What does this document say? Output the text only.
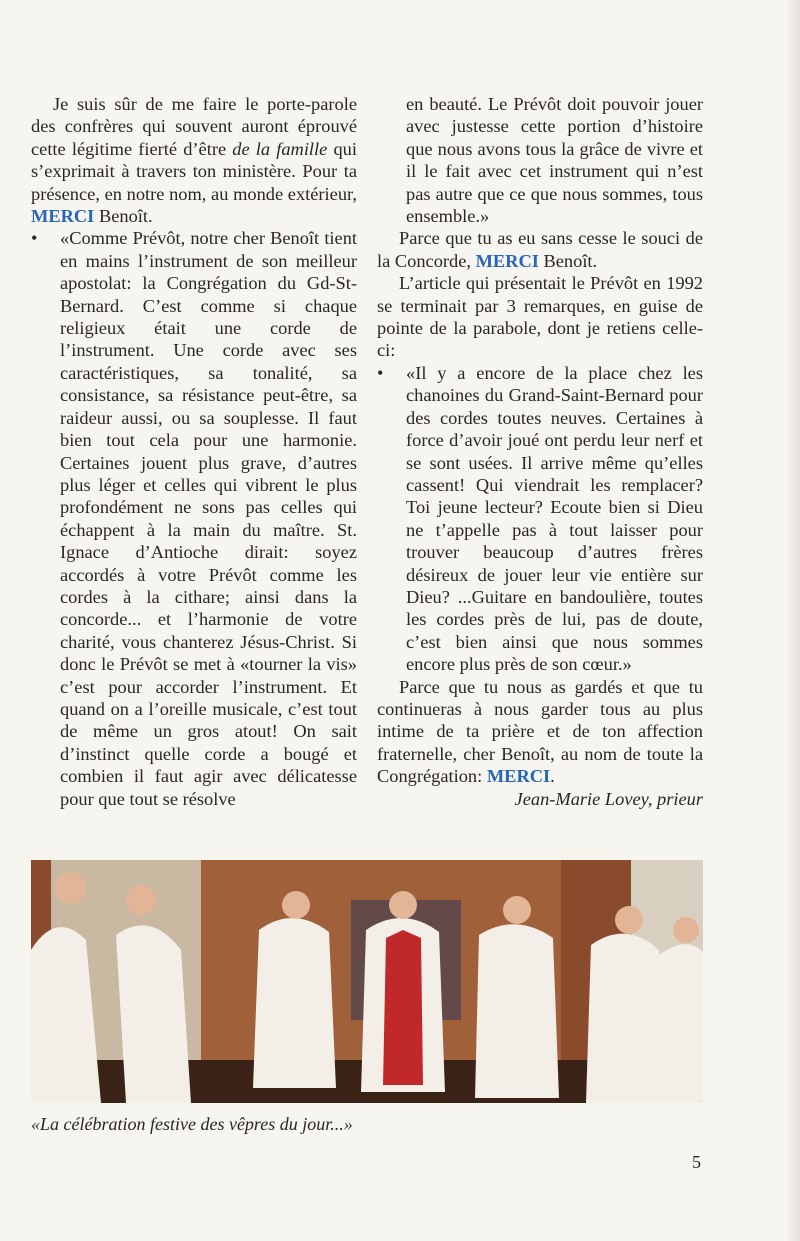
Je suis sûr de me faire le porte-parole des confrères qui souvent auront éprouvé cette légitime fierté d’être de la famille qui s’exprimait à travers ton ministère. Pour ta présence, en notre nom, au monde extérieur, MERCI Benoît.

• «Comme Prévôt, notre cher Benoît tient en mains l’instrument de son meilleur apostolat: la Congrégation du Gd-St-Bernard. C’est comme si chaque religieux était une corde de l’instrument. Une corde avec ses caractéristiques, sa tonalité, sa consistance, sa résistance peut-être, sa raideur aussi, ou sa souplesse. Il faut bien tout cela pour une harmonie. Certaines jouent plus grave, d’autres plus léger et celles qui vibrent le plus profondément ne sons pas celles qui échappent à la main du maître. St. Ignace d’Antioche dirait: soyez accordés à votre Prévôt comme les cordes à la cithare; ainsi dans la concorde... et l’harmonie de votre charité, vous chanterez Jésus-Christ. Si donc le Prévôt se met à «tourner la vis» c’est pour accorder l’instrument. Et quand on a l’oreille musicale, c’est tout de même un gros atout! On sait d’instinct quelle corde a bougé et combien il faut agir avec délicatesse pour que tout se résolve

en beauté. Le Prévôt doit pouvoir jouer avec justesse cette portion d’histoire que nous avons tous la grâce de vivre et il le fait avec cet instrument qui n’est pas autre que ce que nous sommes, tous ensemble.»

Parce que tu as eu sans cesse le souci de la Concorde, MERCI Benoît.

L’article qui présentait le Prévôt en 1992 se terminait par 3 remarques, en guise de pointe de la parabole, dont je retiens celle-ci:

• «Il y a encore de la place chez les chanoines du Grand-Saint-Bernard pour des cordes toutes neuves. Certaines à force d’avoir joué ont perdu leur nerf et se sont usées. Il arrive même qu’elles cassent! Qui viendrait les remplacer? Toi jeune lecteur? Ecoute bien si Dieu ne t’appelle pas à tout laisser pour trouver beaucoup d’autres frères désireux de jouer leur vie entière sur Dieu? ...Guitare en bandoulière, toutes les cordes près de lui, pas de doute, c’est bien ainsi que nous sommes encore plus près de son cœur.»

Parce que tu nous as gardés et que tu continueras à nous garder tous au plus intime de ta prière et de ton affection fraternelle, cher Benoît, au nom de toute la Congrégation: MERCI.

Jean-Marie Lovey, prieur

«La célébration festive des vêpres du jour...»
5
